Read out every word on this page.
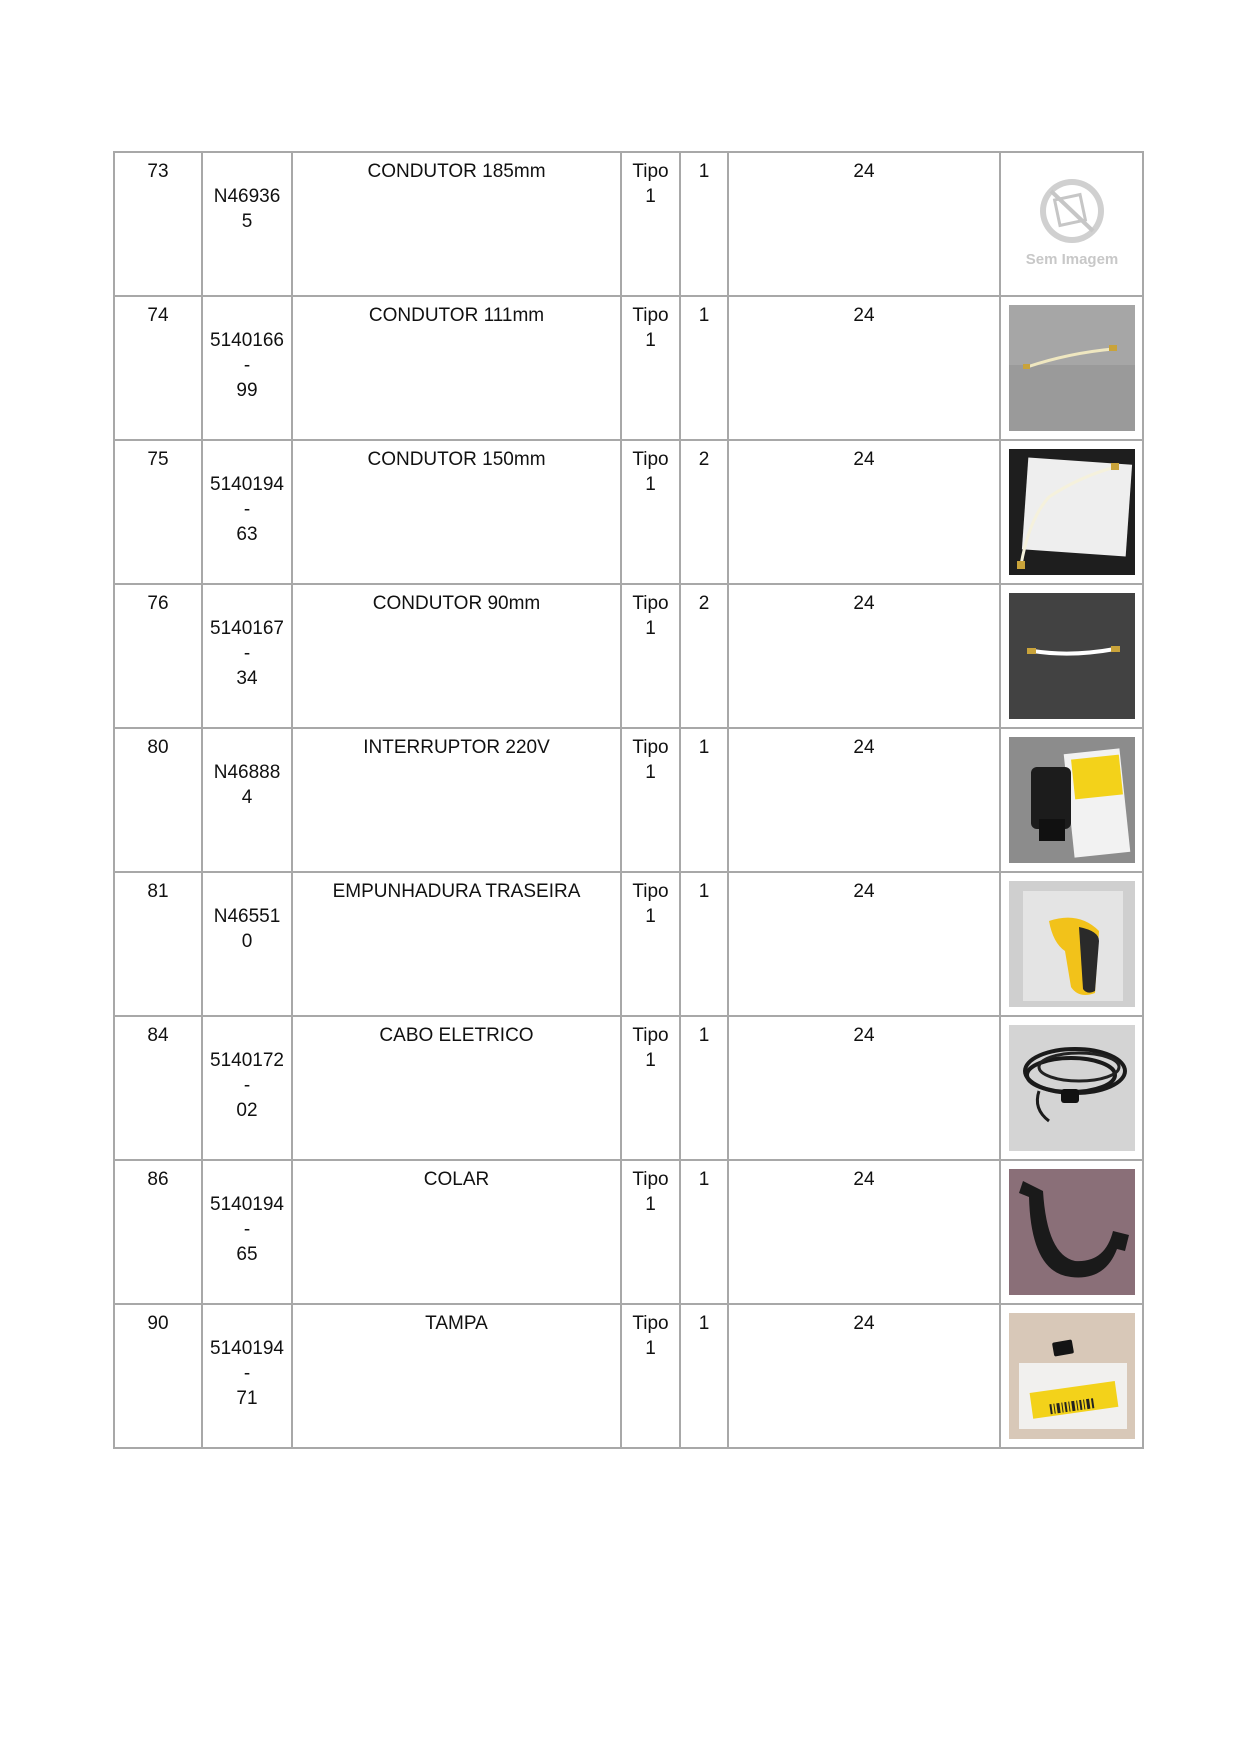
73	N469365	CONDUTOR 185mm	Tipo
1	1	24	Sem Imagem

74	5140166-
99	CONDUTOR 111mm	Tipo
1	1	24	

75	5140194-
63	CONDUTOR 150mm	Tipo
1	2	24	

76	5140167-
34	CONDUTOR 90mm	Tipo
1	2	24	

80	N468884	INTERRUPTOR 220V	Tipo
1	1	24	

81	N465510	EMPUNHADURA TRASEIRA	Tipo
1	1	24	

84	5140172-
02	CABO ELETRICO	Tipo
1	1	24	

86	5140194-
65	COLAR	Tipo
1	1	24	

90	5140194-
71	TAMPA	Tipo
1	1	24	
